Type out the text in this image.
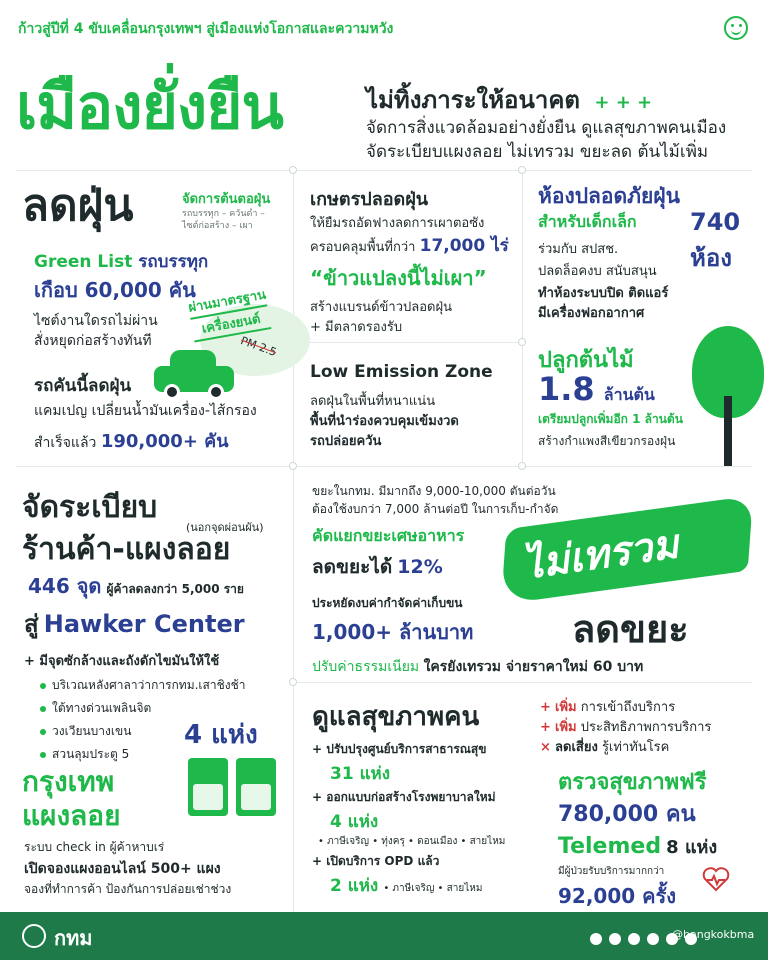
ก้าวสู่ปีที่ 4 ขับเคลื่อนกรุงเทพฯ สู่เมืองแห่งโอกาสและความหวัง
เมืองยั่งยืน	ไม่ทิ้งภาระให้อนาคต + + +
จัดการสิ่งแวดล้อมอย่างยั่งยืน ดูแลสุขภาพคนเมือง
จัดระเบียบแผงลอย ไม่เทรวม ขยะลด ต้นไม้เพิ่ม
ลดฝุ่น	จัดการต้นตอฝุ่น
รถบรรทุก – ควันดำ –
ไซต์ก่อสร้าง – เผา
Green List รถบรรทุก
เกือบ 60,000 คัน
ไซต์งานใดรถไม่ผ่าน
สั่งหยุดก่อสร้างทันที
ผ่านมาตรฐาน
เครื่องยนต์
PM 2.5
รถคันนี้ลดฝุ่น
แคมเปญ เปลี่ยนน้ำมันเครื่อง-ไส้กรอง
สำเร็จแล้ว 190,000+ คัน
เกษตรปลอดฝุ่น
ให้ยืมรถอัดฟางลดการเผาตอซัง
ครอบคลุมพื้นที่กว่า 17,000 ไร่
“ข้าวแปลงนี้ไม่เผา”
สร้างแบรนด์ข้าวปลอดฝุ่น
+ มีตลาดรองรับ
Low Emission Zone
ลดฝุ่นในพื้นที่หนาแน่น
พื้นที่นำร่องควบคุมเข้มงวด
รถปล่อยควัน
ห้องปลอดภัยฝุ่น
สำหรับเด็กเล็ก 740
ห้อง
ร่วมกับ สปสช.
ปลดล็อคงบ สนับสนุน
ทำห้องระบบปิด ติดแอร์
มีเครื่องฟอกอากาศ
ปลูกต้นไม้
1.8 ล้านต้น
เตรียมปลูกเพิ่มอีก 1 ล้านต้น
สร้างกำแพงสีเขียวกรองฝุ่น
จัดระเบียบ
(นอกจุดผ่อนผัน)
ร้านค้า-แผงลอย
446 จุด ผู้ค้าลดลงกว่า 5,000 ราย
สู่ Hawker Center
+ มีจุดซักล้างและถังดักไขมันให้ใช้
บริเวณหลังศาลาว่าการกทม.เสาชิงช้า
ใต้ทางด่วนเพลินจิต
วงเวียนบางเขน
สวนลุมประตู 5
4 แห่ง
กรุงเทพ
แผงลอย
ระบบ check in ผู้ค้าหาบเร่
เปิดจองแผงออนไลน์ 500+ แผง
จองที่ทำการค้า ป้องกันการปล่อยเช่าช่วง
ขยะในกทม. มีมากถึง 9,000-10,000 ตันต่อวัน
ต้องใช้งบกว่า 7,000 ล้านต่อปี ในการเก็บ-กำจัด
คัดแยกขยะเศษอาหาร
ลดขยะได้ 12%
ประหยัดงบค่ากำจัดค่าเก็บขน
1,000+ ล้านบาท
ไม่เทรวม
ลดขยะ
ปรับค่าธรรมเนียม ใครยังเทรวม จ่ายราคาใหม่ 60 บาท
ดูแลสุขภาพคน
+ ปรับปรุงศูนย์บริการสาธารณสุข
31 แห่ง
+ ออกแบบก่อสร้างโรงพยาบาลใหม่
4 แห่ง
• ภาษีเจริญ • ทุ่งครุ • ดอนเมือง • สายไหม
+ เปิดบริการ OPD แล้ว
2 แห่ง • ภาษีเจริญ • สายไหม
+ เพิ่ม การเข้าถึงบริการ
+ เพิ่ม ประสิทธิภาพการบริการ
× ลดเสี่ยง รู้เท่าทันโรค
ตรวจสุขภาพฟรี
780,000 คน
Telemed 8 แห่ง
มีผู้ป่วยรับบริการมากกว่า
92,000 ครั้ง
กทม
	@bangkokbma
